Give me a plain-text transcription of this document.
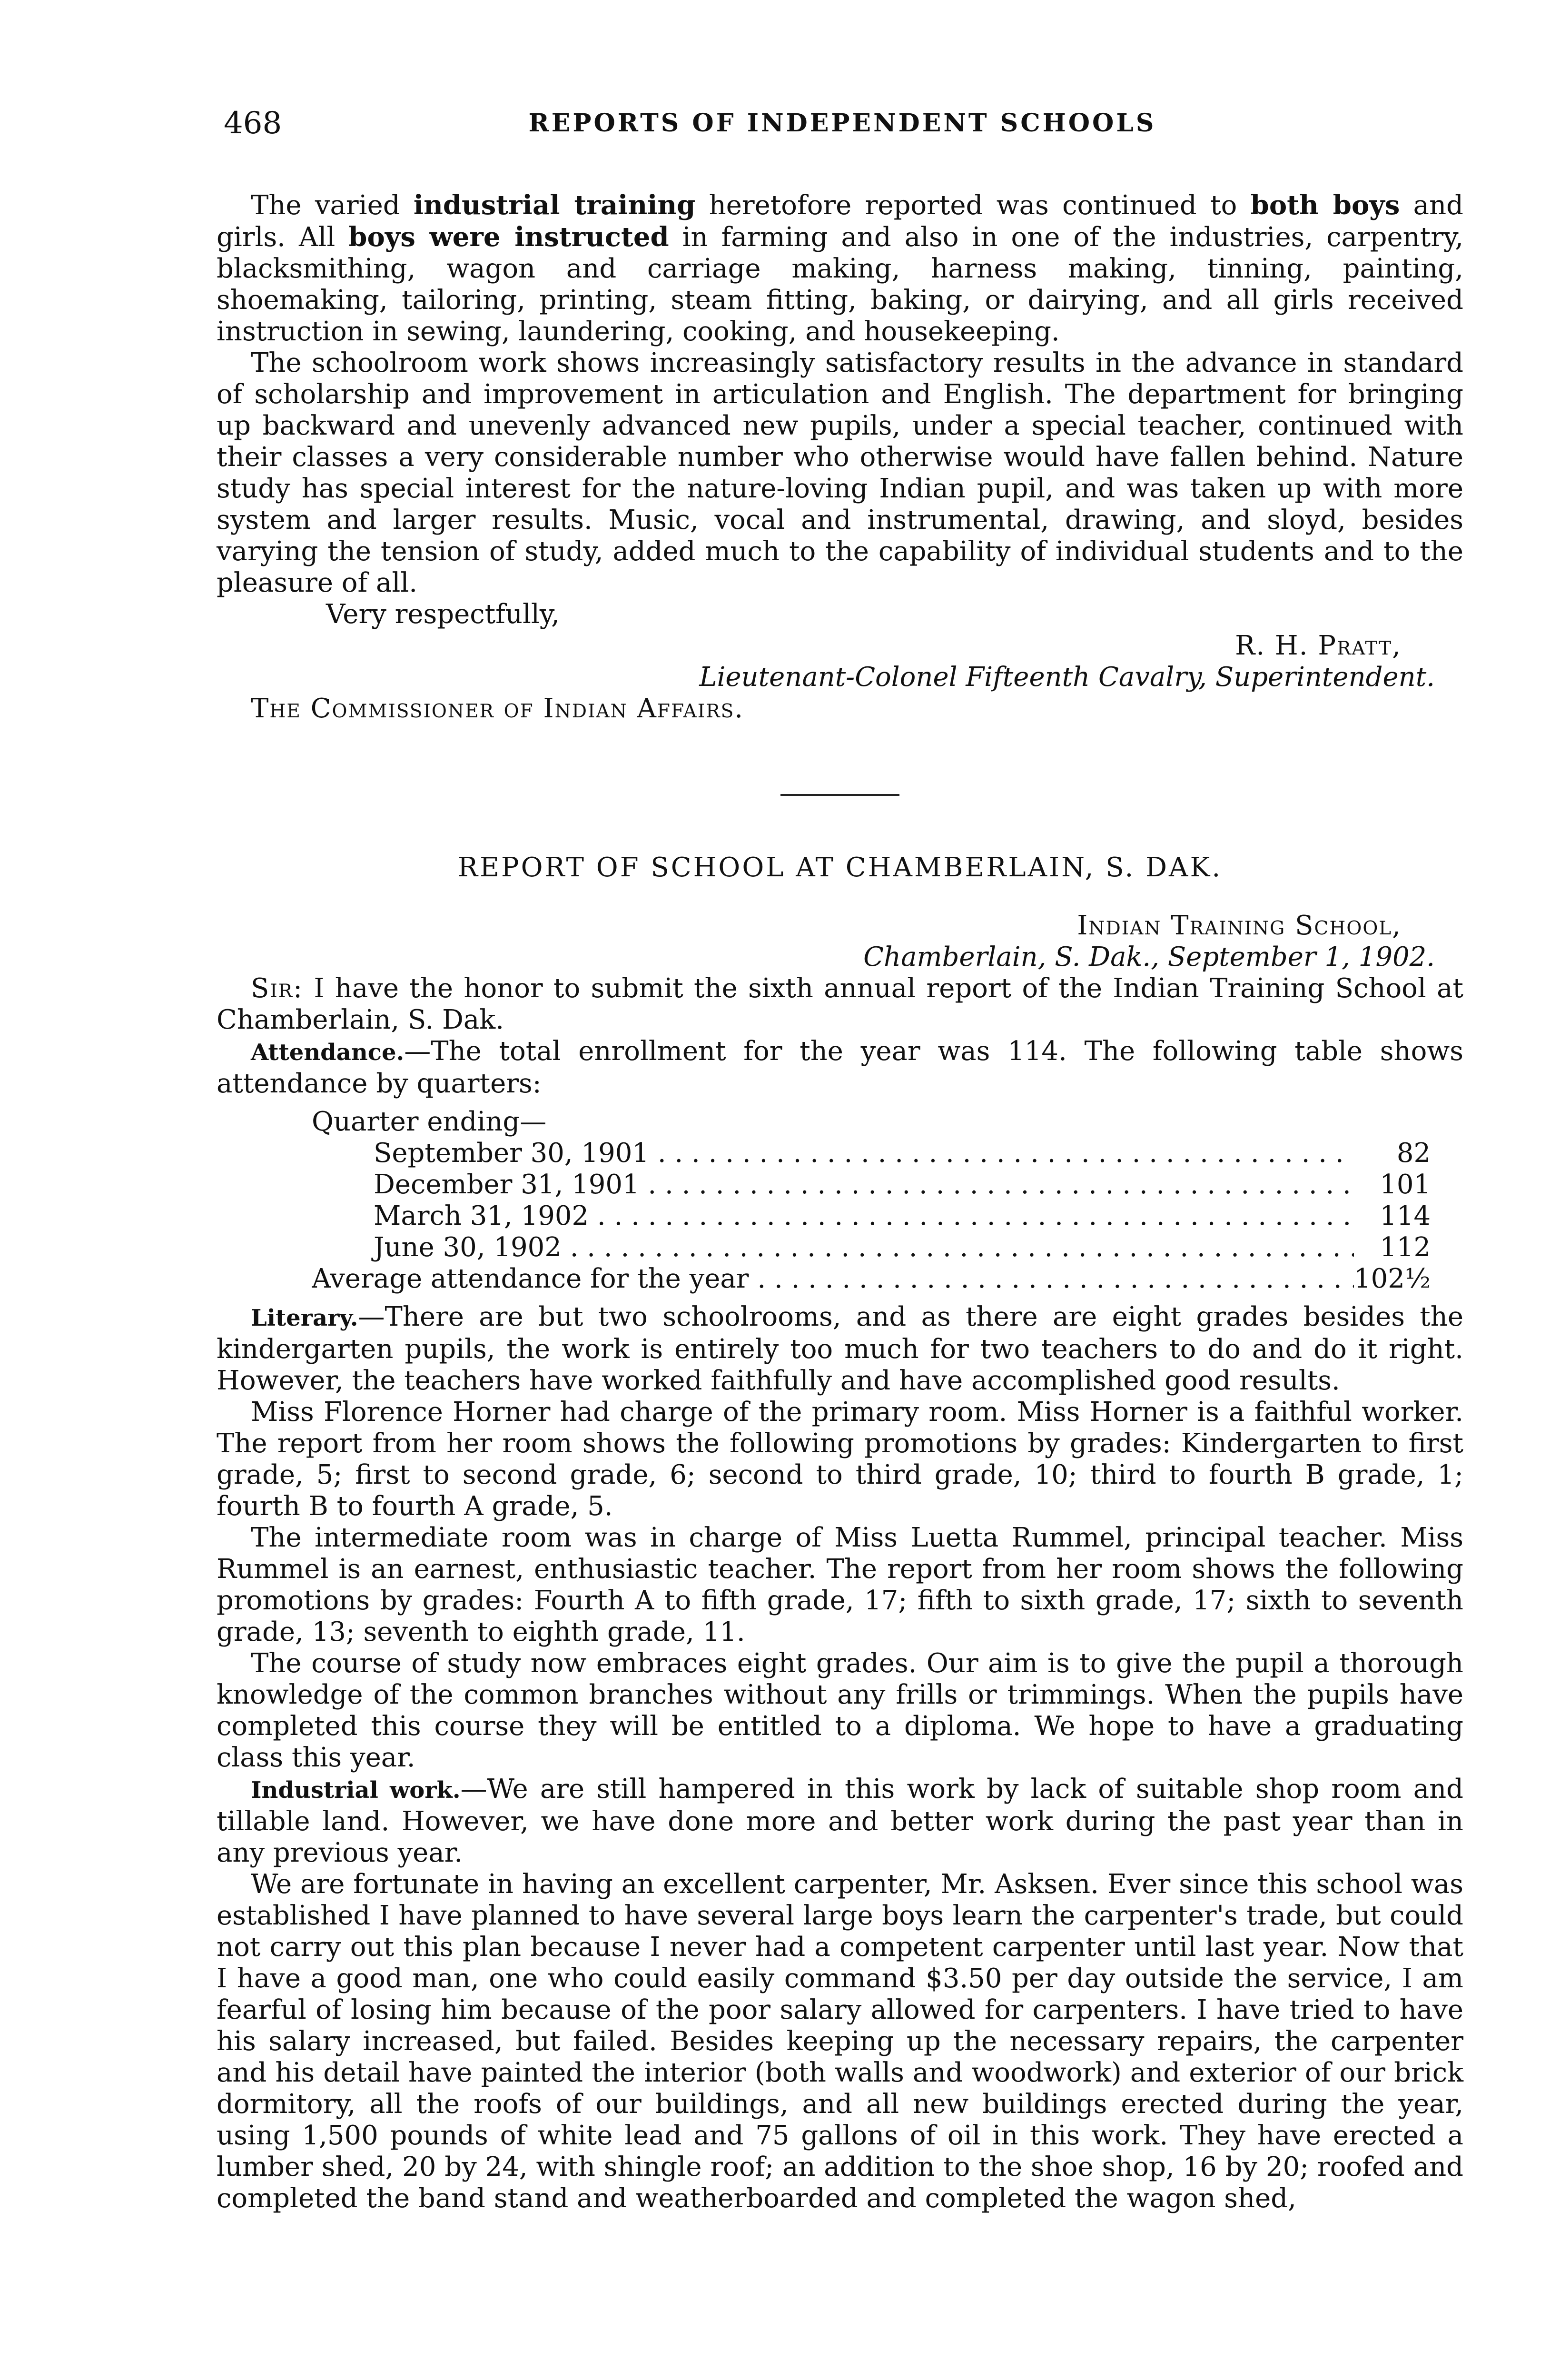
468	REPORTS OF INDEPENDENT SCHOOLS

The varied industrial training heretofore reported was continued to both boys and girls. All boys were instructed in farming and also in one of the industries, carpentry, blacksmithing, wagon and carriage making, harness making, tinning, painting, shoemaking, tailoring, printing, steam fitting, baking, or dairying, and all girls received instruction in sewing, laundering, cooking, and housekeeping.

The schoolroom work shows increasingly satisfactory results in the advance in standard of scholarship and improvement in articulation and English. The department for bringing up backward and unevenly advanced new pupils, under a special teacher, continued with their classes a very considerable number who otherwise would have fallen behind. Nature study has special interest for the nature-loving Indian pupil, and was taken up with more system and larger results. Music, vocal and instrumental, drawing, and sloyd, besides varying the tension of study, added much to the capability of individual students and to the pleasure of all.

Very respectfully,

R. H. Pratt,

Lieutenant-Colonel Fifteenth Cavalry, Superintendent.

The Commissioner of Indian Affairs.

REPORT OF SCHOOL AT CHAMBERLAIN, S. DAK.

Indian Training School,

Chamberlain, S. Dak., September 1, 1902.

Sir: I have the honor to submit the sixth annual report of the Indian Training School at Chamberlain, S. Dak.

Attendance.—The total enrollment for the year was 114. The following table shows attendance by quarters:

Quarter ending—

September 30, 1901 . . .	82
December 31, 1901 . . .	101
March 31, 1902 . . .	114
June 30, 1902 . . .	112
Average attendance for the year . . .	102½

Literary.—There are but two schoolrooms, and as there are eight grades besides the kindergarten pupils, the work is entirely too much for two teachers to do and do it right. However, the teachers have worked faithfully and have accomplished good results.

Miss Florence Horner had charge of the primary room. Miss Horner is a faithful worker. The report from her room shows the following promotions by grades: Kindergarten to first grade, 5; first to second grade, 6; second to third grade, 10; third to fourth B grade, 1; fourth B to fourth A grade, 5.

The intermediate room was in charge of Miss Luetta Rummel, principal teacher. Miss Rummel is an earnest, enthusiastic teacher. The report from her room shows the following promotions by grades: Fourth A to fifth grade, 17; fifth to sixth grade, 17; sixth to seventh grade, 13; seventh to eighth grade, 11.

The course of study now embraces eight grades. Our aim is to give the pupil a thorough knowledge of the common branches without any frills or trimmings. When the pupils have completed this course they will be entitled to a diploma. We hope to have a graduating class this year.

Industrial work.—We are still hampered in this work by lack of suitable shop room and tillable land. However, we have done more and better work during the past year than in any previous year.

We are fortunate in having an excellent carpenter, Mr. Asksen. Ever since this school was established I have planned to have several large boys learn the carpenter's trade, but could not carry out this plan because I never had a competent carpenter until last year. Now that I have a good man, one who could easily command $3.50 per day outside the service, I am fearful of losing him because of the poor salary allowed for carpenters. I have tried to have his salary increased, but failed. Besides keeping up the necessary repairs, the carpenter and his detail have painted the interior (both walls and woodwork) and exterior of our brick dormitory, all the roofs of our buildings, and all new buildings erected during the year, using 1,500 pounds of white lead and 75 gallons of oil in this work. They have erected a lumber shed, 20 by 24, with shingle roof; an addition to the shoe shop, 16 by 20; roofed and completed the band stand and weatherboarded and completed the wagon shed,
